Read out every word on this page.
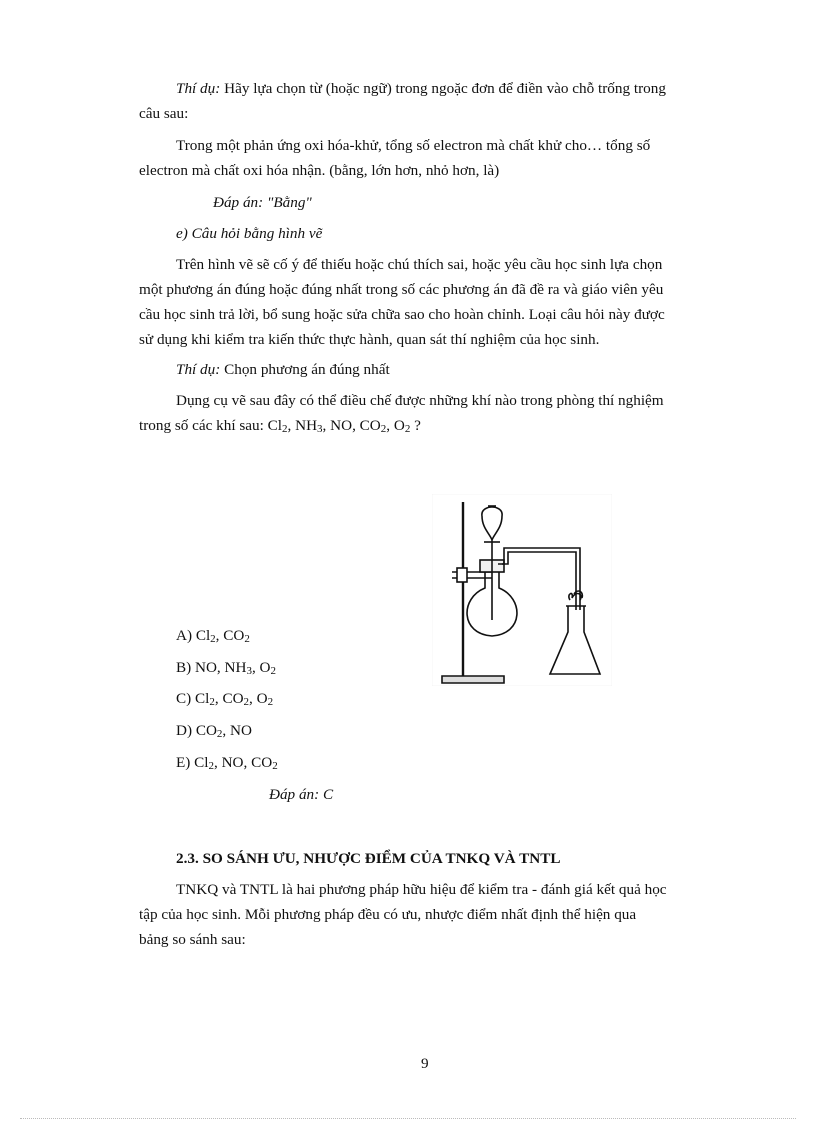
Thí dụ: Hãy lựa chọn từ (hoặc ngữ) trong ngoặc đơn để điền vào chỗ trống trong

câu sau:

Trong một phản ứng oxi hóa-khử, tổng số electron mà chất khử cho… tổng số

electron mà chất oxi hóa nhận. (bằng, lớn hơn, nhỏ hơn, là)

Đáp án: "Bằng"

e) Câu hỏi bằng hình vẽ

Trên hình vẽ sẽ cố ý để thiếu hoặc chú thích sai, hoặc yêu cầu học sinh lựa chọn

một phương án đúng hoặc đúng nhất trong số các phương án đã đề ra và giáo viên yêu

cầu học sinh trả lời, bổ sung hoặc sửa chữa sao cho hoàn chỉnh. Loại câu hỏi này được

sử dụng khi kiểm tra kiến thức thực hành, quan sát thí nghiệm của học sinh.

Thí dụ: Chọn phương án đúng nhất

Dụng cụ vẽ sau đây có thể điều chế được những khí nào trong phòng thí nghiệm

trong số các khí sau: $Cl_2$, $NH_3$, NO, $CO_2$, $O_2$ ?

A) $Cl_2$, $CO_2$

B) NO, $NH_3$, $O_2$

C) $Cl_2$, $CO_2$, $O_2$

D) $CO_2$, NO

E) $Cl_2$, NO, $CO_2$

Đáp án: C

2.3. SO SÁNH ƯU, NHƯỢC ĐIỂM CỦA TNKQ VÀ TNTL

TNKQ và TNTL là hai phương pháp hữu hiệu để kiểm tra - đánh giá kết quả học

tập của học sinh. Mỗi phương pháp đều có ưu, nhược điểm nhất định thể hiện qua

bảng so sánh sau:

9
